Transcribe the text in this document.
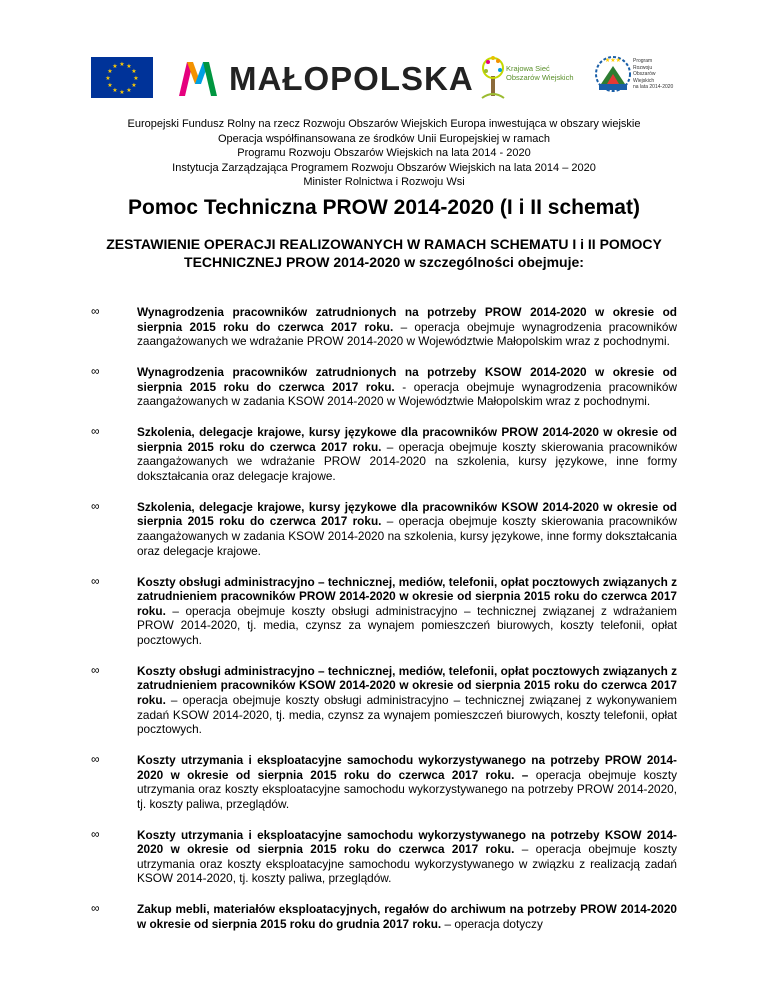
★ ★
★
★
★
★
★
★
★
★
★
★	MAŁOPOLSKA	Krajowa Sieć
Obszarów Wiejskich
★★★ Program
Rozwoju
Obszarów
Wiejskich
na lata 2014-2020
Europejski Fundusz Rolny na rzecz Rozwoju Obszarów Wiejskich Europa inwestująca w obszary wiejskie
Operacja współfinansowana ze środków Unii Europejskiej w ramach
Programu Rozwoju Obszarów Wiejskich na lata 2014 - 2020
Instytucja Zarządzająca Programem Rozwoju Obszarów Wiejskich na lata 2014 – 2020
Minister Rolnictwa i Rozwoju Wsi
Pomoc Techniczna PROW 2014-2020 (I i II schemat)
ZESTAWIENIE OPERACJI REALIZOWANYCH W RAMACH SCHEMATU I i II POMOCY TECHNICZNEJ PROW 2014-2020 w szczególności obejmuje:
∞	Wynagrodzenia pracowników zatrudnionych na potrzeby PROW 2014-2020 w okresie od sierpnia 2015 roku do czerwca 2017 roku. – operacja obejmuje wynagrodzenia pracowników zaangażowanych we wdrażanie PROW 2014-2020 w Województwie Małopolskim wraz z pochodnymi.
∞	Wynagrodzenia pracowników zatrudnionych na potrzeby KSOW 2014-2020 w okresie od sierpnia 2015 roku do czerwca 2017 roku. - operacja obejmuje wynagrodzenia pracowników zaangażowanych w zadania KSOW 2014-2020 w Województwie Małopolskim wraz z pochodnymi.
∞	Szkolenia, delegacje krajowe, kursy językowe dla pracowników PROW 2014-2020 w okresie od sierpnia 2015 roku do czerwca 2017 roku. – operacja obejmuje koszty skierowania pracowników zaangażowanych we wdrażanie PROW 2014-2020 na szkolenia, kursy językowe, inne formy dokształcania oraz delegacje krajowe.
∞	Szkolenia, delegacje krajowe, kursy językowe dla pracowników KSOW 2014-2020 w okresie od sierpnia 2015 roku do czerwca 2017 roku. – operacja obejmuje koszty skierowania pracowników zaangażowanych w zadania KSOW 2014-2020 na szkolenia, kursy językowe, inne formy dokształcania oraz delegacje krajowe.
∞	Koszty obsługi administracyjno – technicznej, mediów, telefonii, opłat pocztowych związanych z zatrudnieniem pracowników PROW 2014-2020 w okresie od sierpnia 2015 roku do czerwca 2017 roku. – operacja obejmuje koszty obsługi administracyjno – technicznej związanej z wdrażaniem PROW 2014-2020, tj. media, czynsz za wynajem pomieszczeń biurowych, koszty telefonii, opłat pocztowych.
∞	Koszty obsługi administracyjno – technicznej, mediów, telefonii, opłat pocztowych związanych z zatrudnieniem pracowników KSOW 2014-2020 w okresie od sierpnia 2015 roku do czerwca 2017 roku. – operacja obejmuje koszty obsługi administracyjno – technicznej związanej z wykonywaniem zadań KSOW 2014-2020, tj. media, czynsz za wynajem pomieszczeń biurowych, koszty telefonii, opłat pocztowych.
∞	Koszty utrzymania i eksploatacyjne samochodu wykorzystywanego na potrzeby PROW 2014-2020 w okresie od sierpnia 2015 roku do czerwca 2017 roku. – operacja obejmuje koszty utrzymania oraz koszty eksploatacyjne samochodu wykorzystywanego na potrzeby PROW 2014-2020, tj. koszty paliwa, przeglądów.
∞	Koszty utrzymania i eksploatacyjne samochodu wykorzystywanego na potrzeby KSOW 2014-2020 w okresie od sierpnia 2015 roku do czerwca 2017 roku. – operacja obejmuje koszty utrzymania oraz koszty eksploatacyjne samochodu wykorzystywanego w związku z realizacją zadań KSOW 2014-2020, tj. koszty paliwa, przeglądów.
∞	Zakup mebli, materiałów eksploatacyjnych, regałów do archiwum na potrzeby PROW 2014-2020 w okresie od sierpnia 2015 roku do grudnia 2017 roku. – operacja dotyczy
